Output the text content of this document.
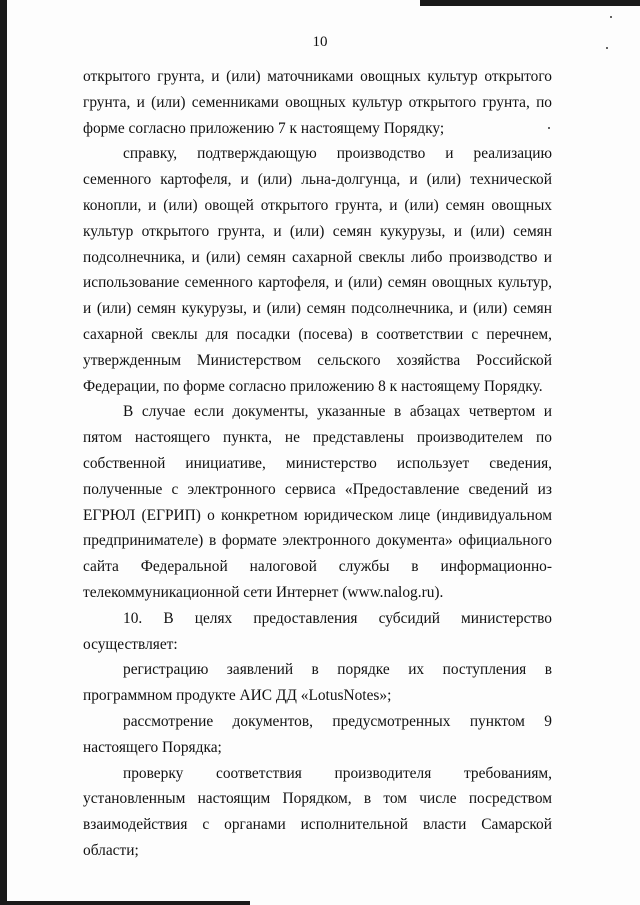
10

открытого грунта, и (или) маточниками овощных культур открытого грунта, и (или) семенниками овощных культур открытого грунта, по форме согласно приложению 7 к настоящему Порядку;

справку, подтверждающую производство и реализацию семенного картофеля, и (или) льна-долгунца, и (или) технической конопли, и (или) овощей открытого грунта, и (или) семян овощных культур открытого грунта, и (или) семян кукурузы, и (или) семян подсолнечника, и (или) семян сахарной свеклы либо производство и использование семенного картофеля, и (или) семян овощных культур, и (или) семян кукурузы, и (или) семян подсолнечника, и (или) семян сахарной свеклы для посадки (посева) в соответствии с перечнем, утвержденным Министерством сельского хозяйства Российской Федерации, по форме согласно приложению 8 к настоящему Порядку.

В случае если документы, указанные в абзацах четвертом и пятом настоящего пункта, не представлены производителем по собственной инициативе, министерство использует сведения, полученные с электронного сервиса «Предоставление сведений из ЕГРЮЛ (ЕГРИП) о конкретном юридическом лице (индивидуальном предпринимателе) в формате электронного документа» официального сайта Федеральной налоговой службы в информационно-телекоммуникационной сети Интернет (www.nalog.ru).

10. В целях предоставления субсидий министерство осуществляет:

регистрацию заявлений в порядке их поступления в программном продукте АИС ДД «LotusNotes»;

рассмотрение документов, предусмотренных пунктом 9 настоящего Порядка;

проверку соответствия производителя требованиям, установленным настоящим Порядком, в том числе посредством взаимодействия с органами исполнительной власти Самарской области;
